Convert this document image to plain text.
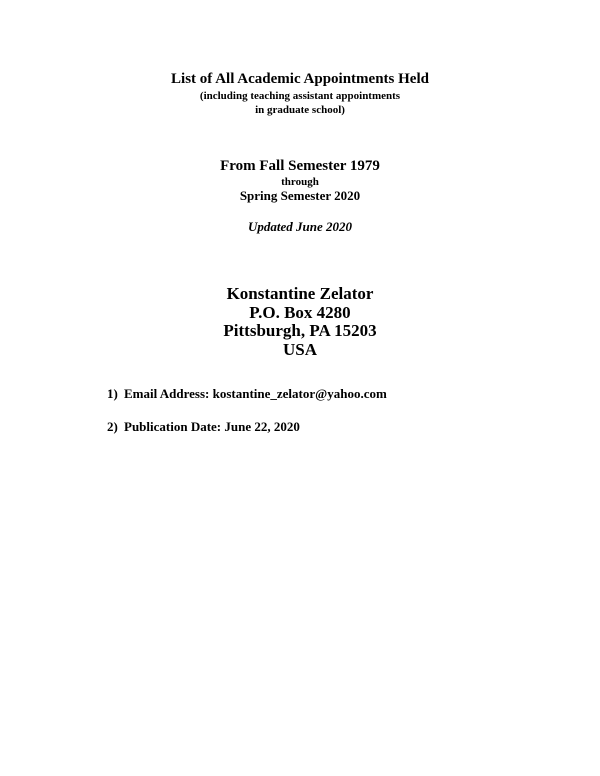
List of All Academic Appointments Held
(including teaching assistant appointments
in graduate school)
From Fall Semester 1979
through
Spring Semester 2020
Updated June 2020
Konstantine Zelator
P.O. Box 4280
Pittsburgh, PA 15203
USA
1) Email Address: kostantine_zelator@yahoo.com
2) Publication Date: June 22, 2020
